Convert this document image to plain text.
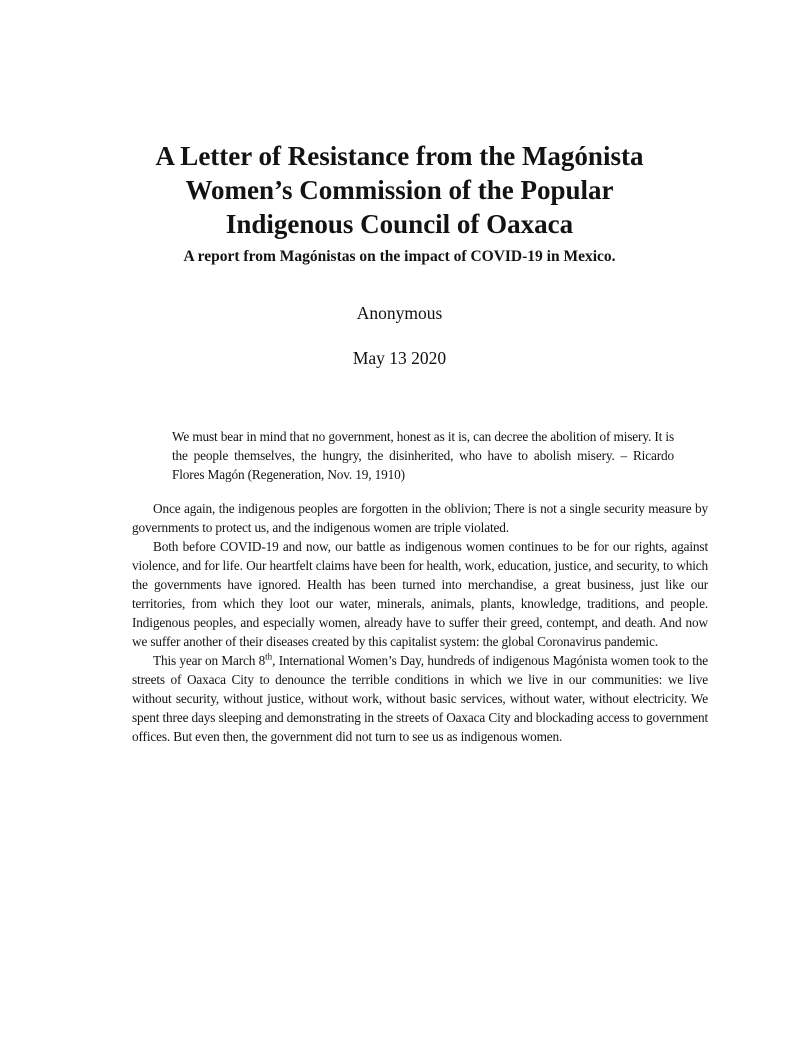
A Letter of Resistance from the Magónista
Women’s Commission of the Popular
Indigenous Council of Oaxaca
A report from Magónistas on the impact of COVID-19 in Mexico.
Anonymous
May 13 2020
We must bear in mind that no government, honest as it is, can decree the abolition of misery. It is the people themselves, the hungry, the disinherited, who have to abolish misery. – Ricardo Flores Magón (Regeneration, Nov. 19, 1910)

Once again, the indigenous peoples are forgotten in the oblivion; There is not a single security measure by governments to protect us, and the indigenous women are triple violated.

Both before COVID-19 and now, our battle as indigenous women continues to be for our rights, against violence, and for life. Our heartfelt claims have been for health, work, education, justice, and security, to which the governments have ignored. Health has been turned into merchandise, a great business, just like our territories, from which they loot our water, minerals, animals, plants, knowledge, traditions, and people. Indigenous peoples, and especially women, already have to suffer their greed, contempt, and death. And now we suffer another of their diseases created by this capitalist system: the global Coronavirus pandemic.

This year on March 8th, International Women’s Day, hundreds of indigenous Magónista women took to the streets of Oaxaca City to denounce the terrible conditions in which we live in our communities: we live without security, without justice, without work, without basic services, without water, without electricity. We spent three days sleeping and demonstrating in the streets of Oaxaca City and blockading access to government offices. But even then, the government did not turn to see us as indigenous women.
